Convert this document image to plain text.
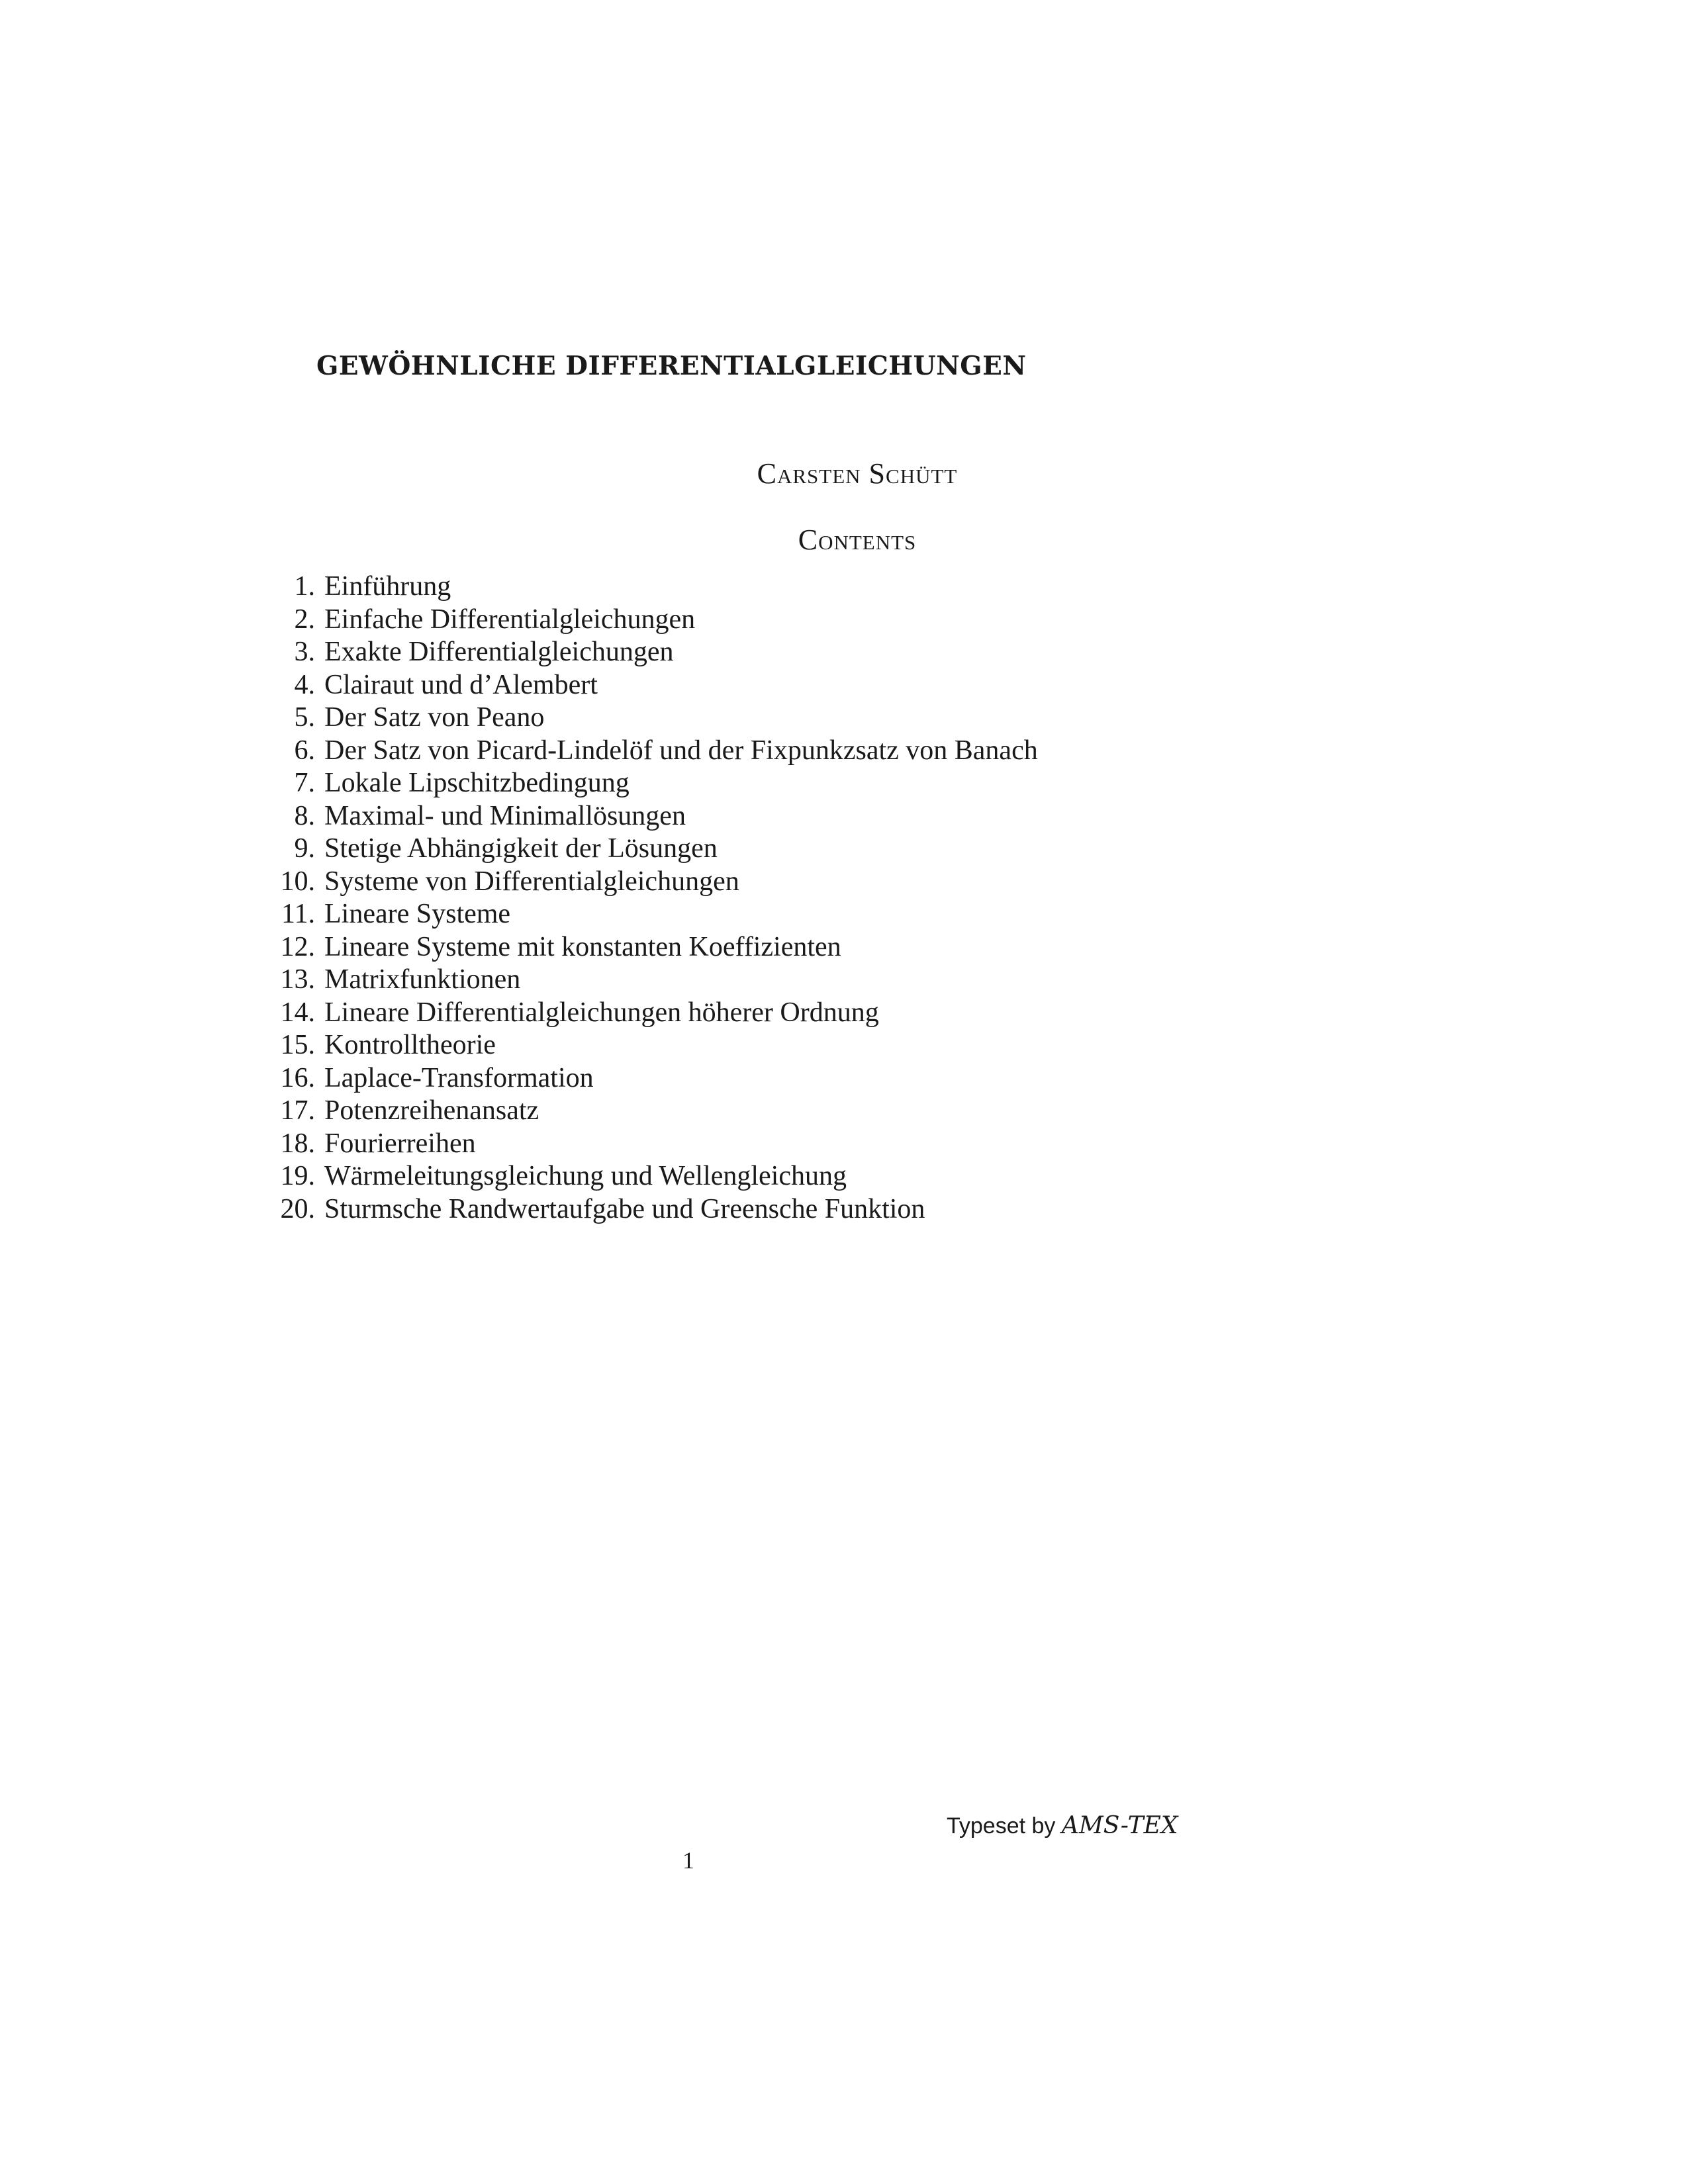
GEWÖHNLICHE DIFFERENTIALGLEICHUNGEN
Carsten Schütt
Contents
1. Einführung
2. Einfache Differentialgleichungen
3. Exakte Differentialgleichungen
4. Clairaut und d’Alembert
5. Der Satz von Peano
6. Der Satz von Picard-Lindelöf und der Fixpunkzsatz von Banach
7. Lokale Lipschitzbedingung
8. Maximal- und Minimallösungen
9. Stetige Abhängigkeit der Lösungen
10. Systeme von Differentialgleichungen
11. Lineare Systeme
12. Lineare Systeme mit konstanten Koeffizienten
13. Matrixfunktionen
14. Lineare Differentialgleichungen höherer Ordnung
15. Kontrolltheorie
16. Laplace-Transformation
17. Potenzreihenansatz
18. Fourierreihen
19. Wärmeleitungsgleichung und Wellengleichung
20. Sturmsche Randwertaufgabe und Greensche Funktion
Typeset by AMS-TEX
1
